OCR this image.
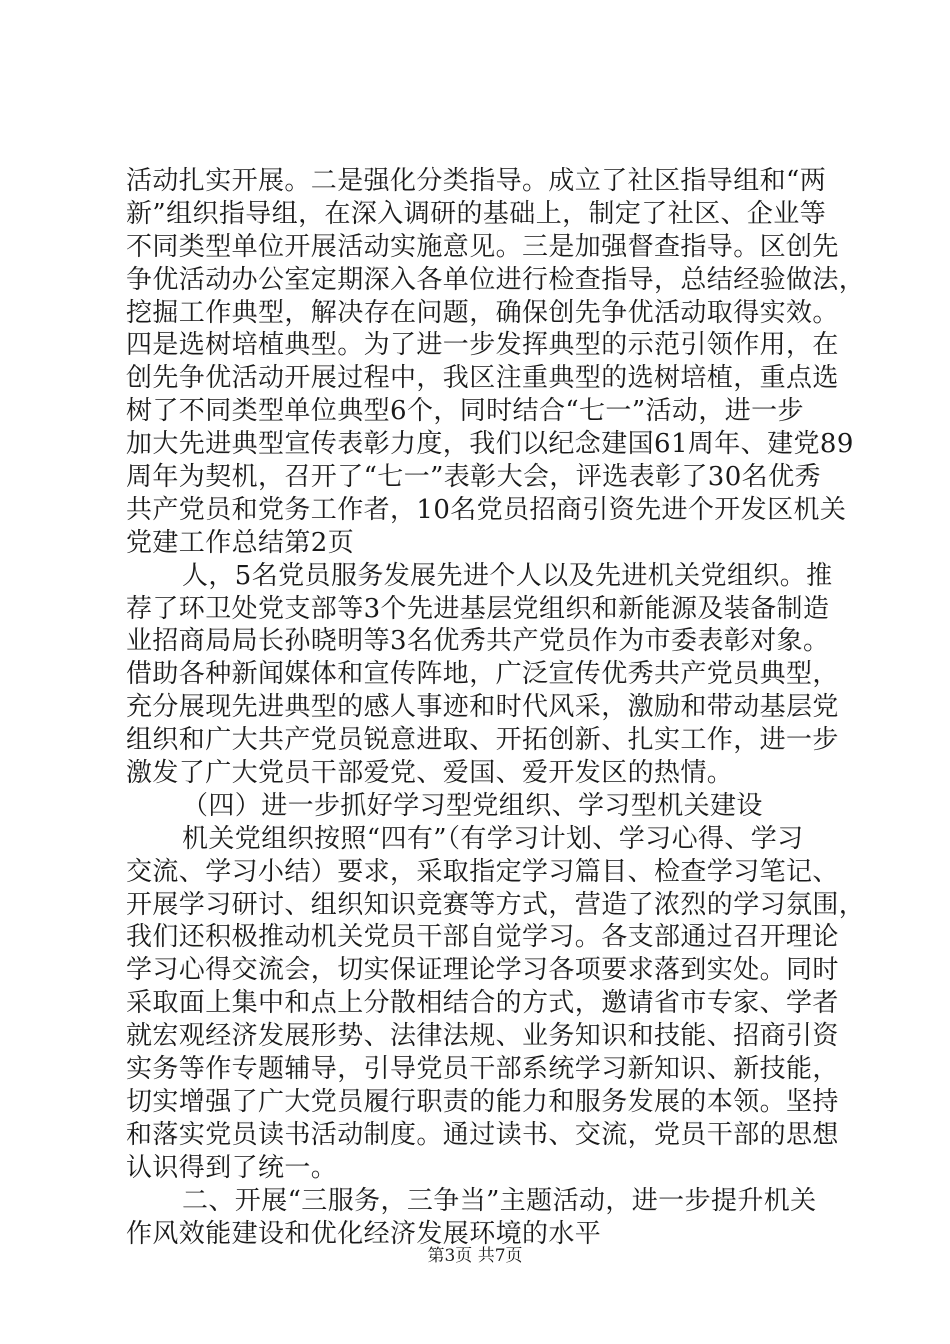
活动扎实开展。二是强化分类指导。成立了社区指导组和“两
新”组织指导组，在深入调研的基础上，制定了社区、企业等
不同类型单位开展活动实施意见。三是加强督查指导。区创先
争优活动办公室定期深入各单位进行检查指导，总结经验做法，
挖掘工作典型，解决存在问题，确保创先争优活动取得实效。
四是选树培植典型。为了进一步发挥典型的示范引领作用，在
创先争优活动开展过程中，我区注重典型的选树培植，重点选
树了不同类型单位典型6个，同时结合“七一”活动，进一步
加大先进典型宣传表彰力度，我们以纪念建国61周年、建党89
周年为契机，召开了“七一”表彰大会，评选表彰了30名优秀
共产党员和党务工作者，10名党员招商引资先进个开发区机关
党建工作总结第2页
人，5名党员服务发展先进个人以及先进机关党组织。推
荐了环卫处党支部等3个先进基层党组织和新能源及装备制造
业招商局局长孙晓明等3名优秀共产党员作为市委表彰对象。
借助各种新闻媒体和宣传阵地，广泛宣传优秀共产党员典型，
充分展现先进典型的感人事迹和时代风采，激励和带动基层党
组织和广大共产党员锐意进取、开拓创新、扎实工作，进一步
激发了广大党员干部爱党、爱国、爱开发区的热情。
（四）进一步抓好学习型党组织、学习型机关建设
机关党组织按照“四有”（有学习计划、学习心得、学习
交流、学习小结）要求，采取指定学习篇目、检查学习笔记、
开展学习研讨、组织知识竞赛等方式，营造了浓烈的学习氛围，
我们还积极推动机关党员干部自觉学习。各支部通过召开理论
学习心得交流会，切实保证理论学习各项要求落到实处。同时
采取面上集中和点上分散相结合的方式，邀请省市专家、学者
就宏观经济发展形势、法律法规、业务知识和技能、招商引资
实务等作专题辅导，引导党员干部系统学习新知识、新技能，
切实增强了广大党员履行职责的能力和服务发展的本领。坚持
和落实党员读书活动制度。通过读书、交流，党员干部的思想
认识得到了统一。
二、开展“三服务，三争当”主题活动，进一步提升机关
作风效能建设和优化经济发展环境的水平
第3页 共7页
